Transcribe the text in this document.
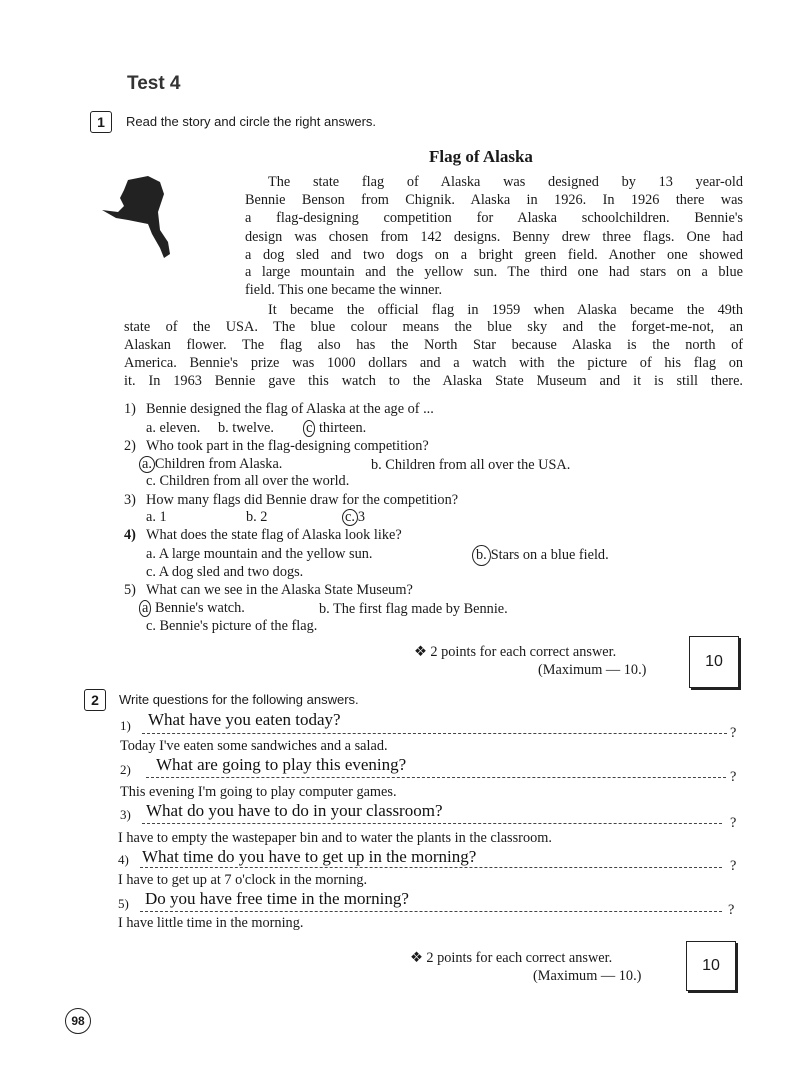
Test 4
1	Read the story and circle the right answers.
Flag of Alaska
The state flag of Alaska was designed by 13 year-old
Bennie Benson from Chignik. Alaska in 1926. In 1926 there was
a flag-designing competition for Alaska schoolchildren. Bennie's
design was chosen from 142 designs. Benny drew three flags. One had
a dog sled and two dogs on a bright green field. Another one showed
a large mountain and the yellow sun. The third one had stars on a blue
field. This one became the winner.
It became the official flag in 1959 when Alaska became the 49th
state of the USA. The blue colour means the blue sky and the forget-me-not, an
Alaskan flower. The flag also has the North Star because Alaska is the north of
America. Bennie's prize was 1000 dollars and a watch with the picture of his flag on
it. In 1963 Bennie gave this watch to the Alaska State Museum and it is still there.
1) Bennie designed the flag of Alaska at the age of ...
a. eleven. b. twelve. c thirteen.
2) Who took part in the flag-designing competition?
a. Children from Alaska.	b. Children from all over the USA.
c. Children from all over the world.
3) How many flags did Bennie draw for the competition?
a. 1	b. 2	c. 3
4) What does the state flag of Alaska look like?
a. A large mountain and the yellow sun.	b. Stars on a blue field.
c. A dog sled and two dogs.
5) What can we see in the Alaska State Museum?
a Bennie's watch.	b. The first flag made by Bennie.
c. Bennie's picture of the flag.
❖ 2 points for each correct answer.
(Maximum — 10.)	10
2	Write questions for the following answers.
1) What have you eaten today?
?
Today I've eaten some sandwiches and a salad.
2) What are going to play this evening?
?
This evening I'm going to play computer games.
3) What do you have to do in your classroom?
?
I have to empty the wastepaper bin and to water the plants in the classroom.
4) What time do you have to get up in the morning?	?
I have to get up at 7 o'clock in the morning.
5) Do you have free time in the morning?
?
I have little time in the morning.
❖ 2 points for each correct answer.
(Maximum — 10.)
10
98
